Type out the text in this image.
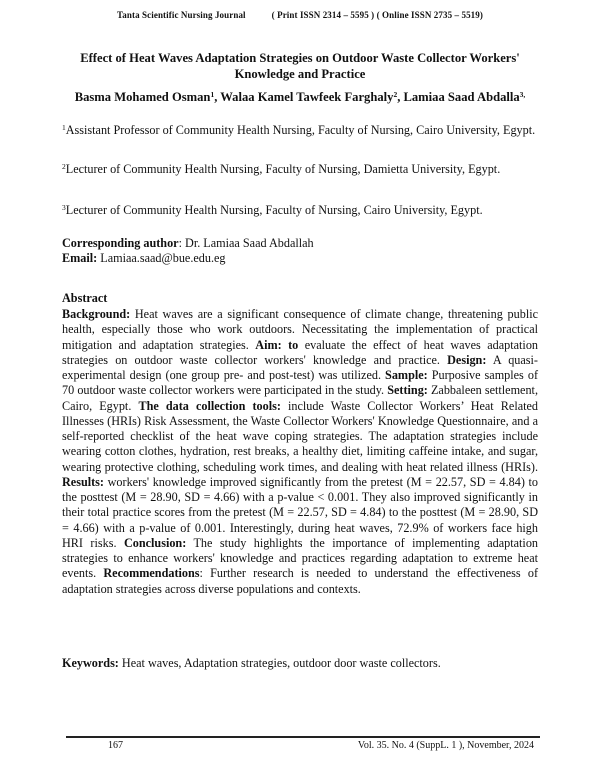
Tanta Scientific Nursing Journal	( Print ISSN 2314 – 5595 ) ( Online ISSN 2735 – 5519)
Effect of Heat Waves Adaptation Strategies on Outdoor Waste Collector Workers' Knowledge and Practice
Basma Mohamed Osman$^1$, Walaa Kamel Tawfeek Farghaly$^2$, Lamiaa Saad Abdalla$^{3,}$
$^1$Assistant Professor of Community Health Nursing, Faculty of Nursing, Cairo University, Egypt.
$^2$Lecturer of Community Health Nursing, Faculty of Nursing, Damietta University, Egypt.
$^3$Lecturer of Community Health Nursing, Faculty of Nursing, Cairo University, Egypt.
Corresponding author: Dr. Lamiaa Saad Abdallah
Email: Lamiaa.saad@bue.edu.eg
Abstract
Background: Heat waves are a significant consequence of climate change, threatening public health, especially those who work outdoors. Necessitating the implementation of practical mitigation and adaptation strategies. Aim: to evaluate the effect of heat waves adaptation strategies on outdoor waste collector workers' knowledge and practice. Design: A quasi-experimental design (one group pre- and post-test) was utilized. Sample: Purposive samples of 70 outdoor waste collector workers were participated in the study. Setting: Zabbaleen settlement, Cairo, Egypt. The data collection tools: include Waste Collector Workers’ Heat Related Illnesses (HRIs) Risk Assessment, the Waste Collector Workers' Knowledge Questionnaire, and a self-reported checklist of the heat wave coping strategies. The adaptation strategies include wearing cotton clothes, hydration, rest breaks, a healthy diet, limiting caffeine intake, and sugar, wearing protective clothing, scheduling work times, and dealing with heat related illness (HRIs). Results: workers' knowledge improved significantly from the pretest (M = 22.57, SD = 4.84) to the posttest (M = 28.90, SD = 4.66) with a p-value < 0.001. They also improved significantly in their total practice scores from the pretest (M = 22.57, SD = 4.84) to the posttest (M = 28.90, SD = 4.66) with a p-value of 0.001. Interestingly, during heat waves, 72.9% of workers face high HRI risks. Conclusion: The study highlights the importance of implementing adaptation strategies to enhance workers' knowledge and practices regarding adaptation to extreme heat events. Recommendations: Further research is needed to understand the effectiveness of adaptation strategies across diverse populations and contexts.
Keywords: Heat waves, Adaptation strategies, outdoor door waste collectors.
167	Vol. 35. No. 4 (SuppL. 1 ), November, 2024
